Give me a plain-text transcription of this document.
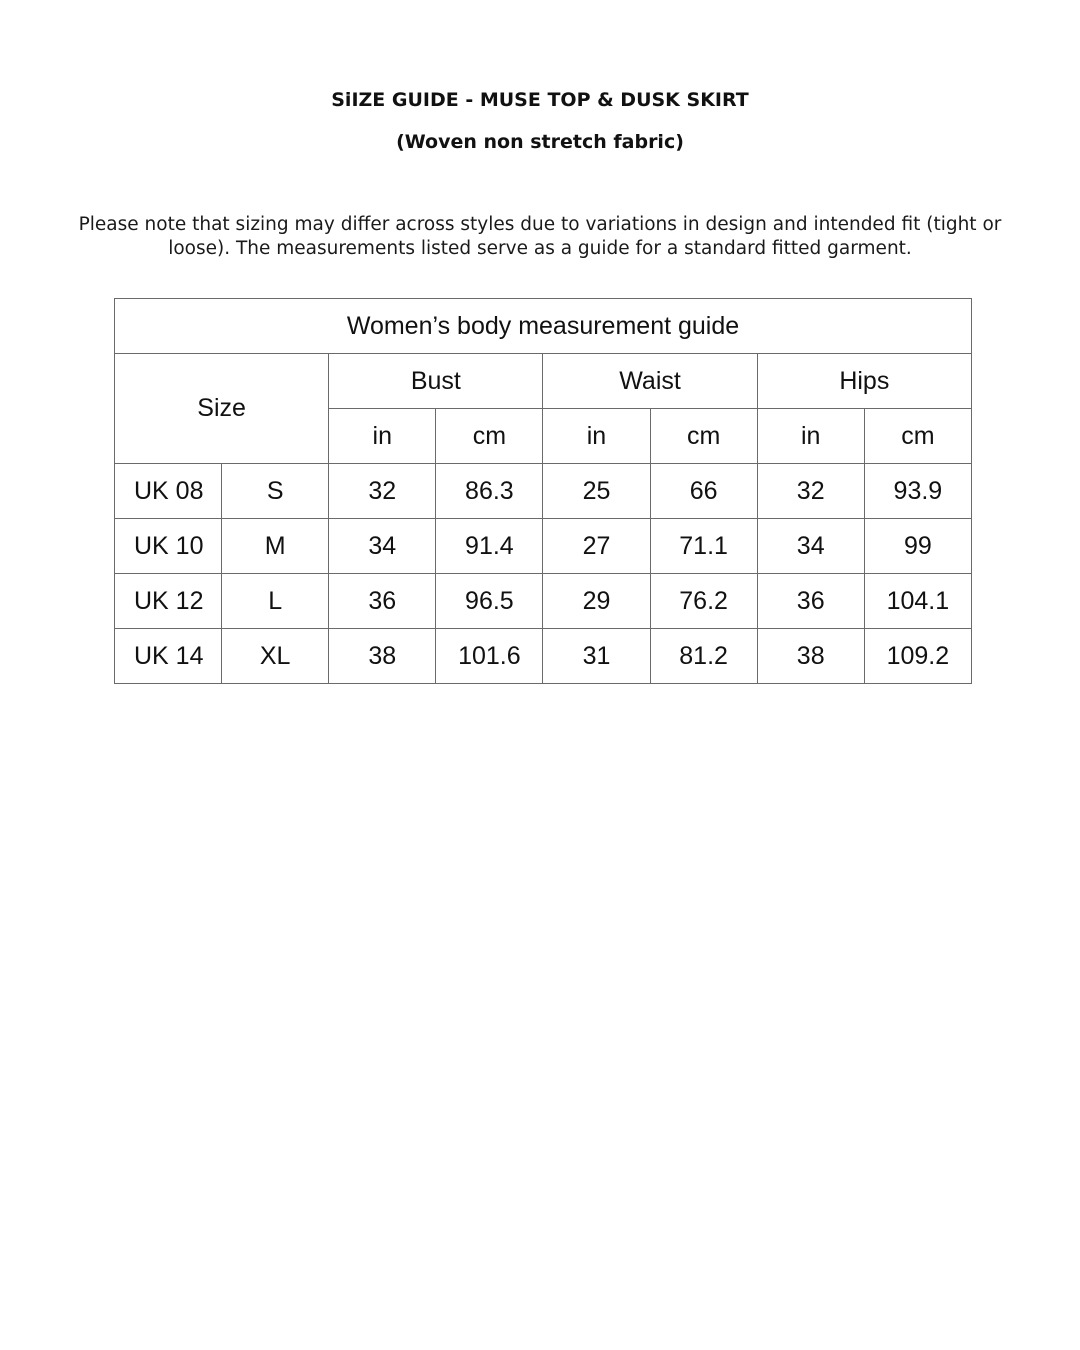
SiIZE GUIDE - MUSE TOP & DUSK SKIRT
(Woven non stretch fabric)

Please note that sizing may differ across styles due to variations in design and intended fit (tight or loose). The measurements listed serve as a guide for a standard fitted garment.

Women’s body measurement guide							
Size		Bust		Waist		Hips	
		in	cm	in	cm	in	cm
UK 08	S	32	86.3	25	66	32	93.9
UK 10	M	34	91.4	27	71.1	34	99
UK 12	L	36	96.5	29	76.2	36	104.1
UK 14	XL	38	101.6	31	81.2	38	109.2
